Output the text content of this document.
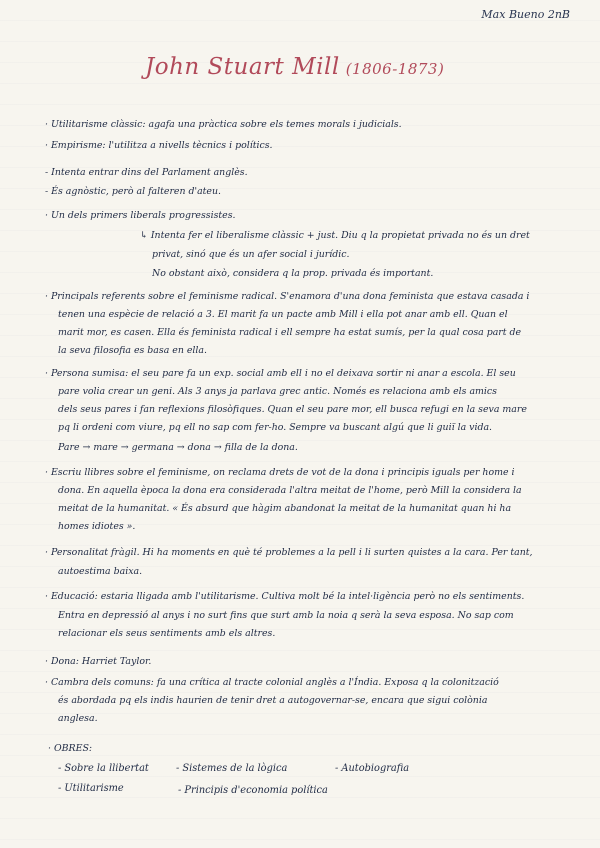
Max Bueno 2nB
John Stuart Mill (1806-1873)
· Utilitarisme clàssic: agafa una pràctica sobre els temes morals i judicials.
· Empirisme: l'utilitza a nivells tècnics i polítics.
- Intenta entrar dins del Parlament anglès.
- És agnòstic, però al falteren d'ateu.
· Un dels primers liberals progressistes.
↳ Intenta fer el liberalisme clàssic + just. Diu q la propietat privada no és un dret
privat, sinó que és un afer social i jurídic.
No obstant això, considera q la prop. privada és important.
· Principals referents sobre el feminisme radical. S'enamora d'una dona feminista que estava casada i
tenen una espècie de relació a 3. El marit fa un pacte amb Mill i ella pot anar amb ell. Quan el
marit mor, es casen. Ella és feminista radical i ell sempre ha estat sumís, per la qual cosa part de
la seva filosofia es basa en ella.
· Persona sumisa: el seu pare fa un exp. social amb ell i no el deixava sortir ni anar a escola. El seu
pare volia crear un geni. Als 3 anys ja parlava grec antic. Només es relaciona amb els amics
dels seus pares i fan reflexions filosòfiques. Quan el seu pare mor, ell busca refugi en la seva mare
pq li ordeni com viure, pq ell no sap com fer-ho. Sempre va buscant algú que li guiï la vida.
Pare → mare → germana → dona → filla de la dona.
· Escriu llibres sobre el feminisme, on reclama drets de vot de la dona i principis iguals per home i
dona. En aquella època la dona era considerada l'altra meitat de l'home, però Mill la considera la
meitat de la humanitat. « És absurd que hàgim abandonat la meitat de la humanitat quan hi ha
homes idiotes ».
· Personalitat fràgil. Hi ha moments en què té problemes a la pell i li surten quistes a la cara. Per tant,
autoestima baixa.
· Educació: estaria lligada amb l'utilitarisme. Cultiva molt bé la intel·ligència però no els sentiments.
Entra en depressió al anys i no surt fins que surt amb la noia q serà la seva esposa. No sap com
relacionar els seus sentiments amb els altres.
· Dona: Harriet Taylor.
· Cambra dels comuns: fa una crítica al tracte colonial anglès a l'Índia. Exposa q la colonització
és abordada pq els indis haurien de tenir dret a autogovernar-se, encara que sigui colònia
anglesa.
· OBRES:
- Sobre la llibertat	- Sistemes de la lògica	- Autobiografia
- Utilitarisme	- Principis d'economia política
